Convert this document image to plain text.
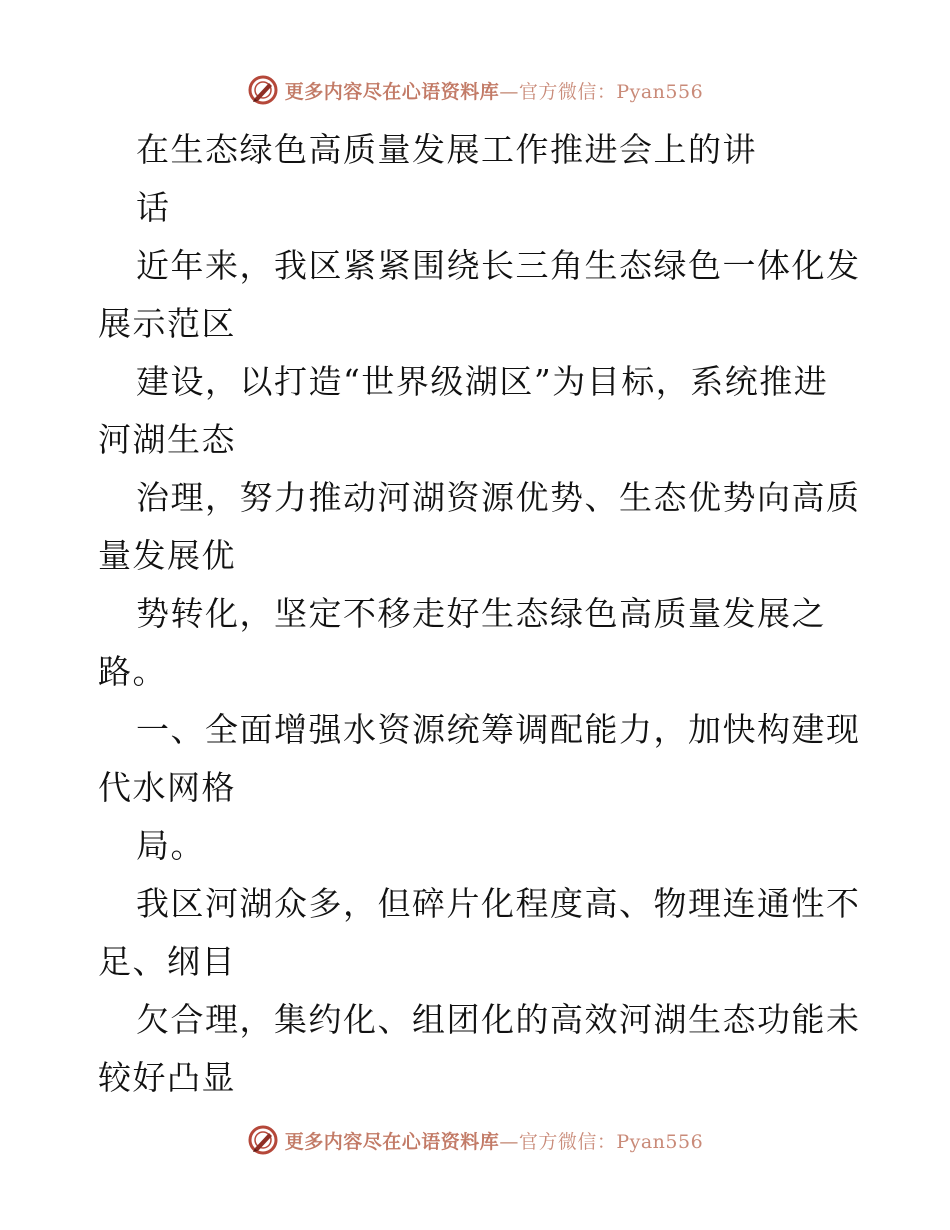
更多内容尽在心语资料库—官方微信：Pyan556
在生态绿色高质量发展工作推进会上的讲
话
近年来，我区紧紧围绕长三角生态绿色一体化发
展示范区
建设，以打造“世界级湖区”为目标，系统推进
河湖生态
治理，努力推动河湖资源优势、生态优势向高质
量发展优
势转化，坚定不移走好生态绿色高质量发展之
路。
一、全面增强水资源统筹调配能力，加快构建现
代水网格
局。
我区河湖众多，但碎片化程度高、物理连通性不
足、纲目
欠合理，集约化、组团化的高效河湖生态功能未
较好凸显
更多内容尽在心语资料库—官方微信：Pyan556
